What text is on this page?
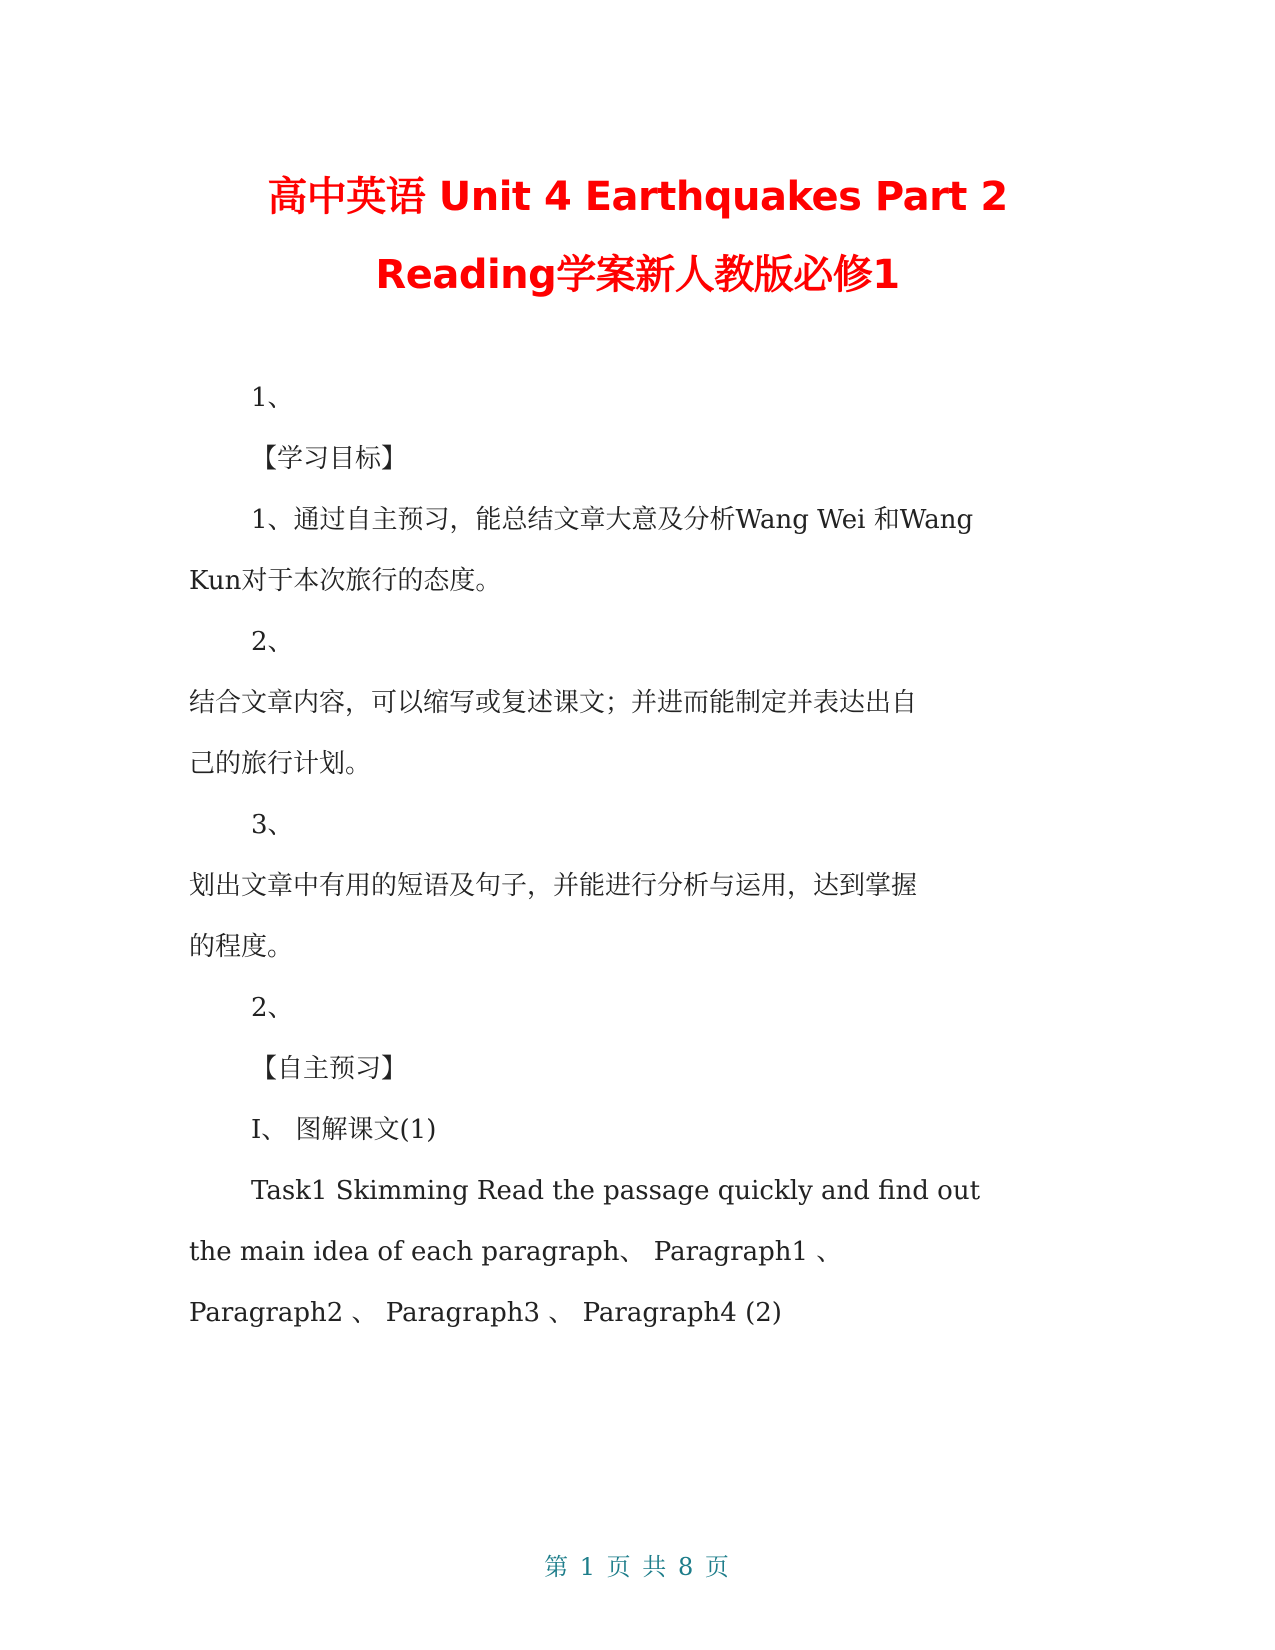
高中英语 Unit 4 Earthquakes Part 2
Reading学案新人教版必修1
1、
【学习目标】
1、通过自主预习，能总结文章大意及分析Wang Wei 和Wang
Kun对于本次旅行的态度。
2、
结合文章内容，可以缩写或复述课文；并进而能制定并表达出自
己的旅行计划。
3、
划出文章中有用的短语及句子，并能进行分析与运用，达到掌握
的程度。
2、
【自主预习】
I、 图解课文(1)
Task1 Skimming Read the passage quickly and find out
the main idea of each paragraph、 Paragraph1 、
Paragraph2 、 Paragraph3 、 Paragraph4 (2)
第 1 页 共 8 页
